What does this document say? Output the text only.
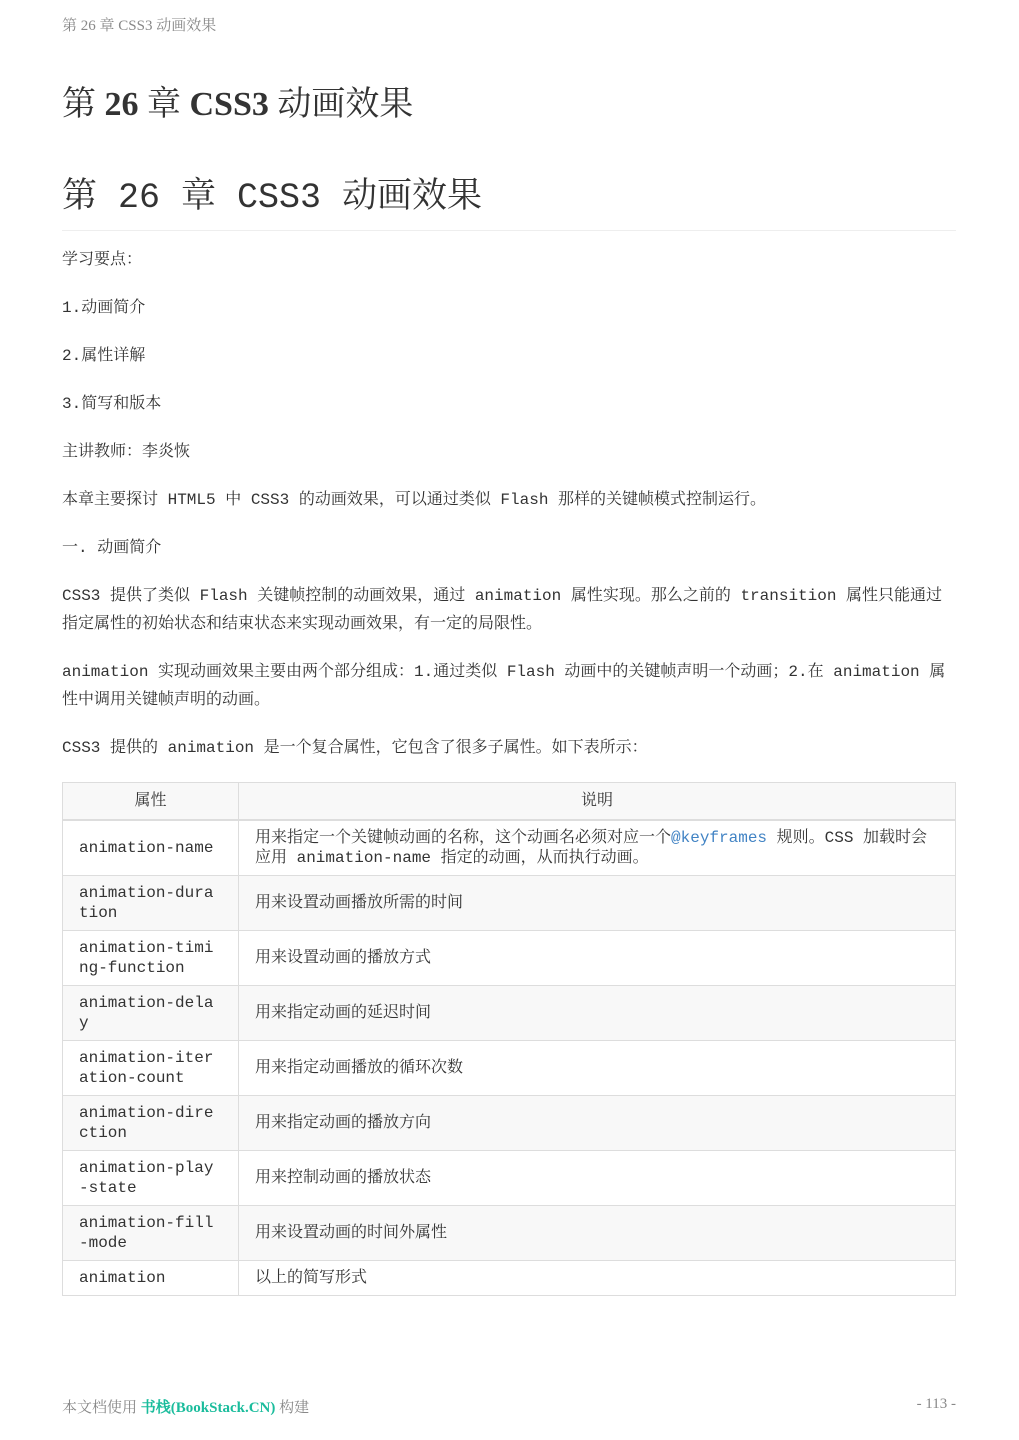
第 26 章 CSS3 动画效果
第 26 章 CSS3 动画效果
第 26 章 CSS3 动画效果

学习要点：

1.动画简介

2.属性详解

3.简写和版本

主讲教师：李炎恢

本章主要探讨 HTML5 中 CSS3 的动画效果，可以通过类似 Flash 那样的关键帧模式控制运行。

一. 动画简介

CSS3 提供了类似 Flash 关键帧控制的动画效果，通过 animation 属性实现。那么之前的 transition 属性只能通过指定属性的初始状态和结束状态来实现动画效果，有一定的局限性。

animation 实现动画效果主要由两个部分组成：1.通过类似 Flash 动画中的关键帧声明一个动画；2.在 animation 属性中调用关键帧声明的动画。

CSS3 提供的 animation 是一个复合属性，它包含了很多子属性。如下表所示：

属性	说明
animation-name	用来指定一个关键帧动画的名称，这个动画名必须对应一个@keyframes 规则。CSS 加载时会应用 animation-name 指定的动画，从而执行动画。
animation-duration	用来设置动画播放所需的时间
animation-timing-function	用来设置动画的播放方式
animation-delay	用来指定动画的延迟时间
animation-iteration-count	用来指定动画播放的循环次数
animation-direction	用来指定动画的播放方向
animation-play-state	用来控制动画的播放状态
animation-fill-mode	用来设置动画的时间外属性
animation	以上的简写形式
本文档使用 书栈(BookStack.CN) 构建	- 113 -
